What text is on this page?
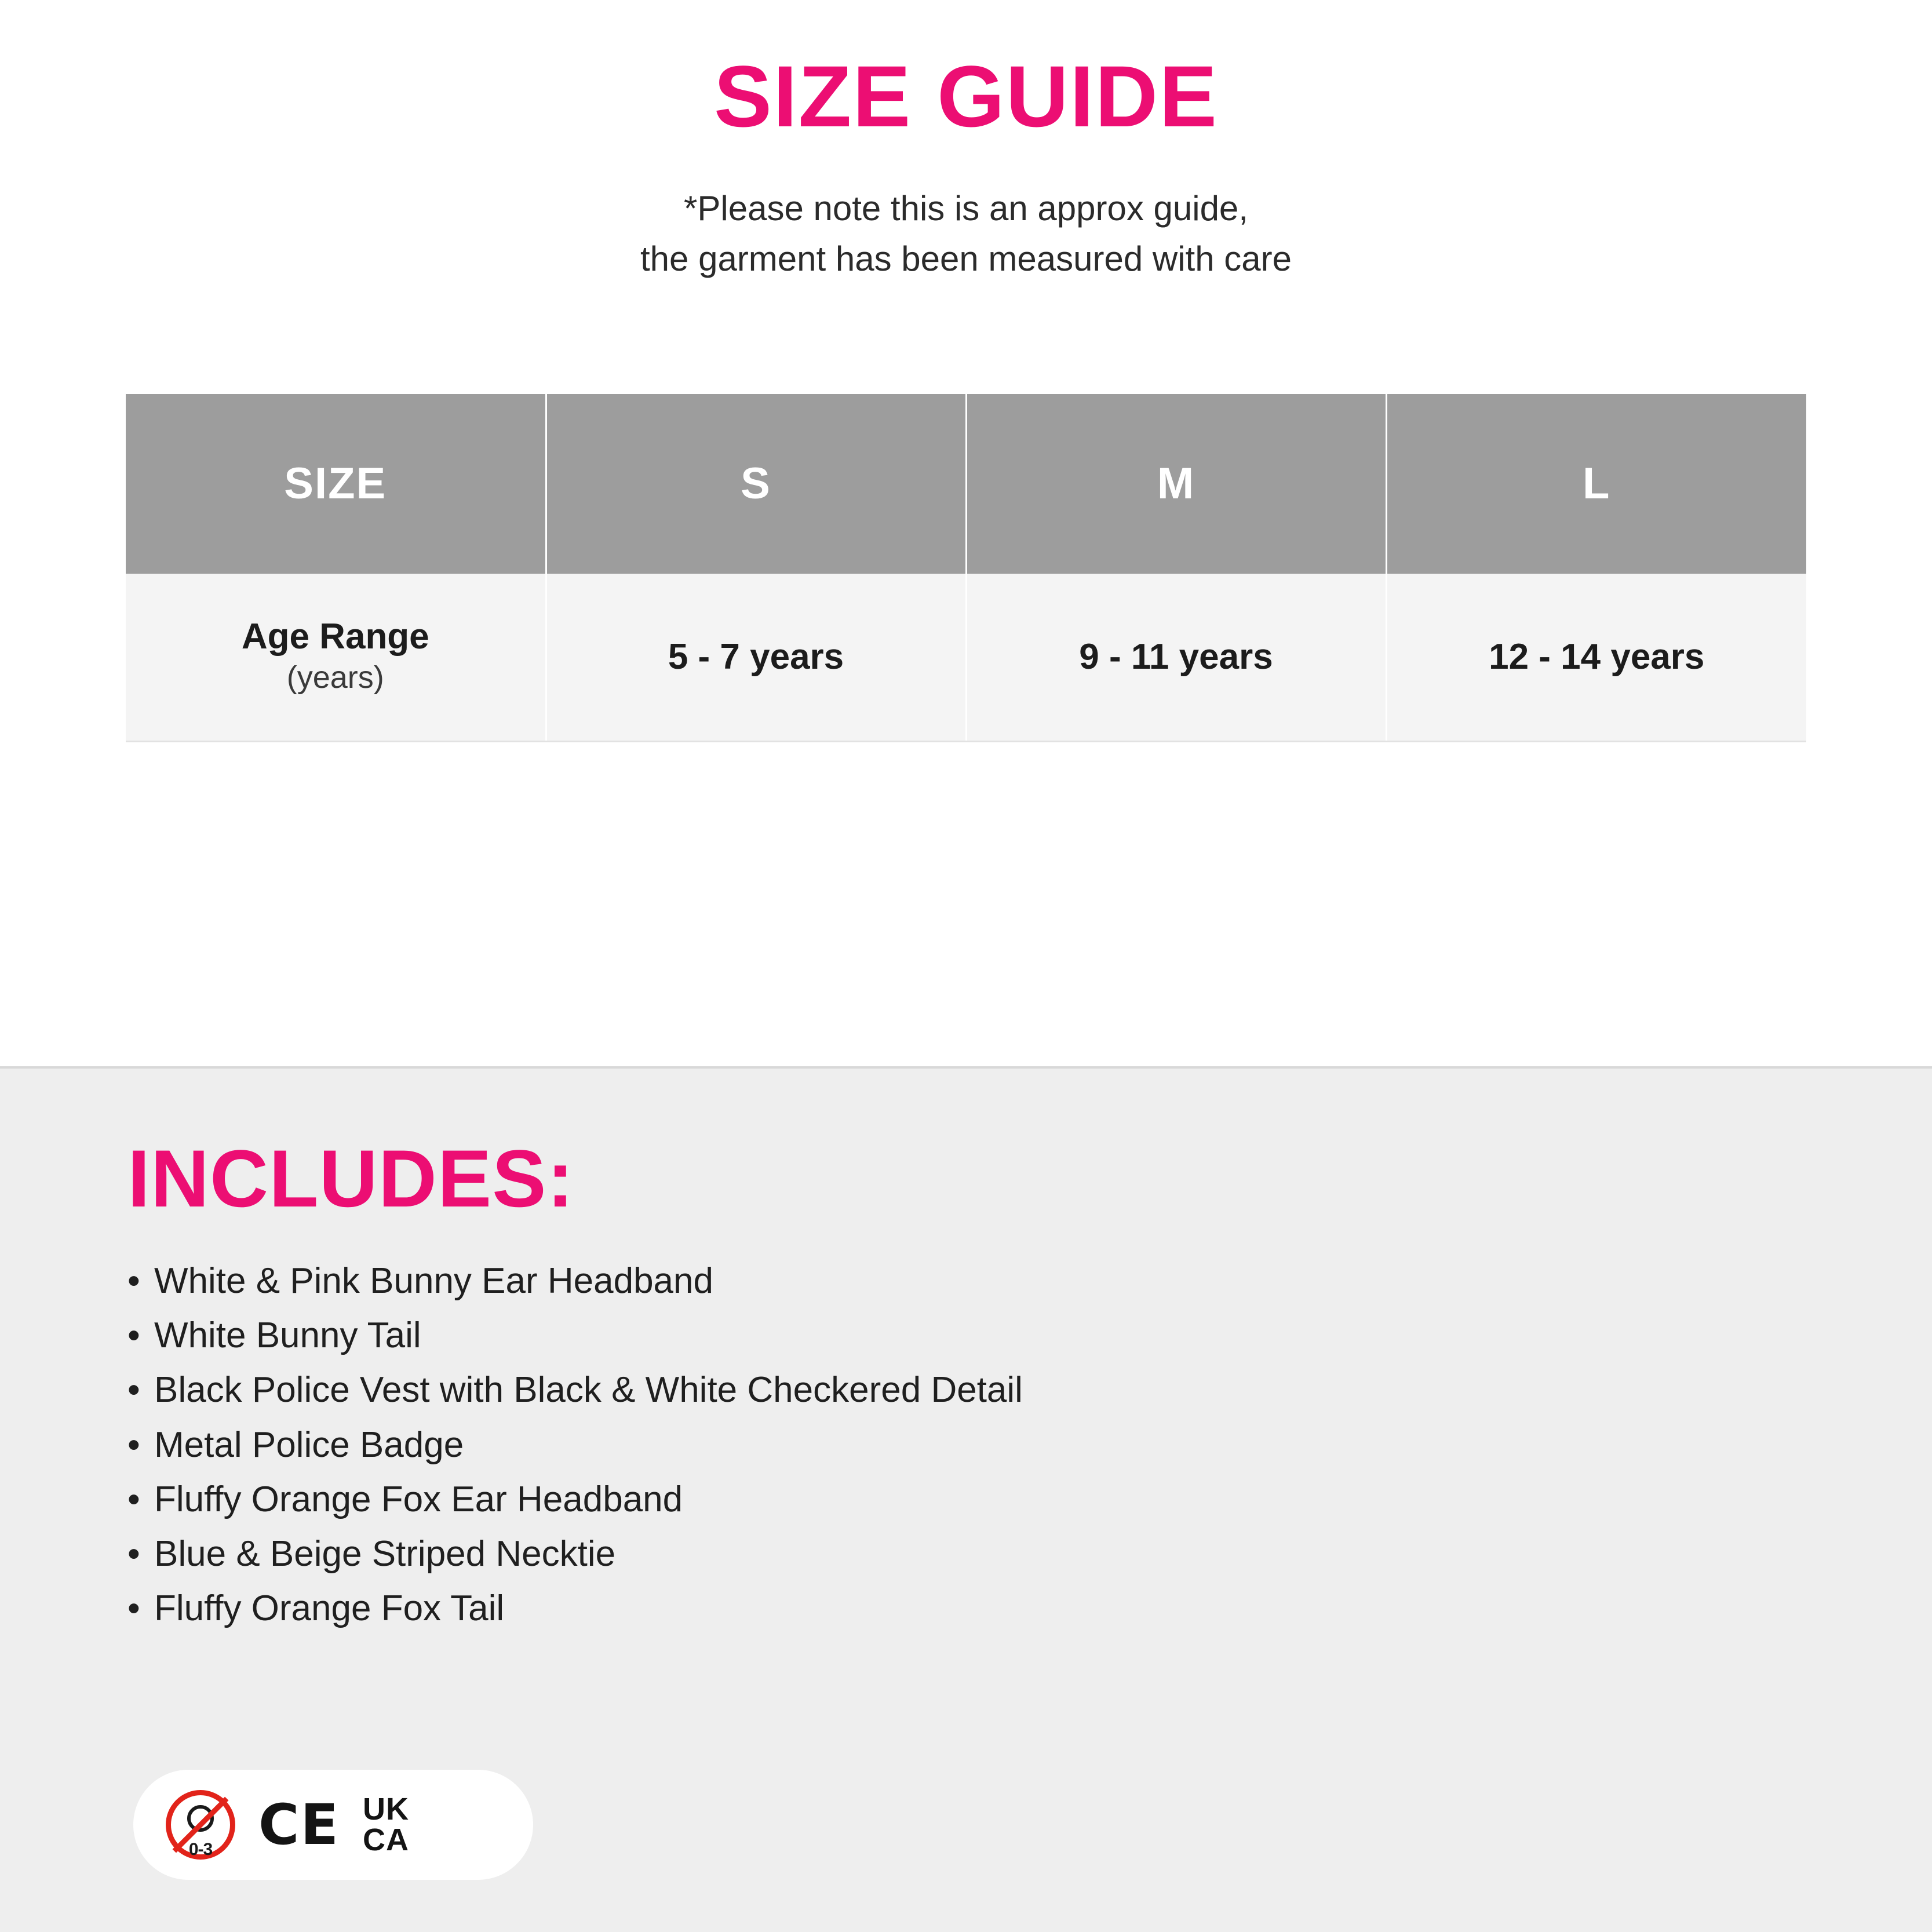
SIZE GUIDE
*Please note this is an approx guide,
the garment has been measured with care
SIZE	S	M	L

Age Range
(years)	5 - 7 years	9 - 11 years	12 - 14 years
INCLUDES:
• White & Pink Bunny Ear Headband
• White Bunny Tail
• Black Police Vest with Black & White Checkered Detail
• Metal Police Badge
• Fluffy Orange Fox Ear Headband
• Blue & Beige Striped Necktie
• Fluffy Orange Fox Tail
0-3 CE UK
CA
